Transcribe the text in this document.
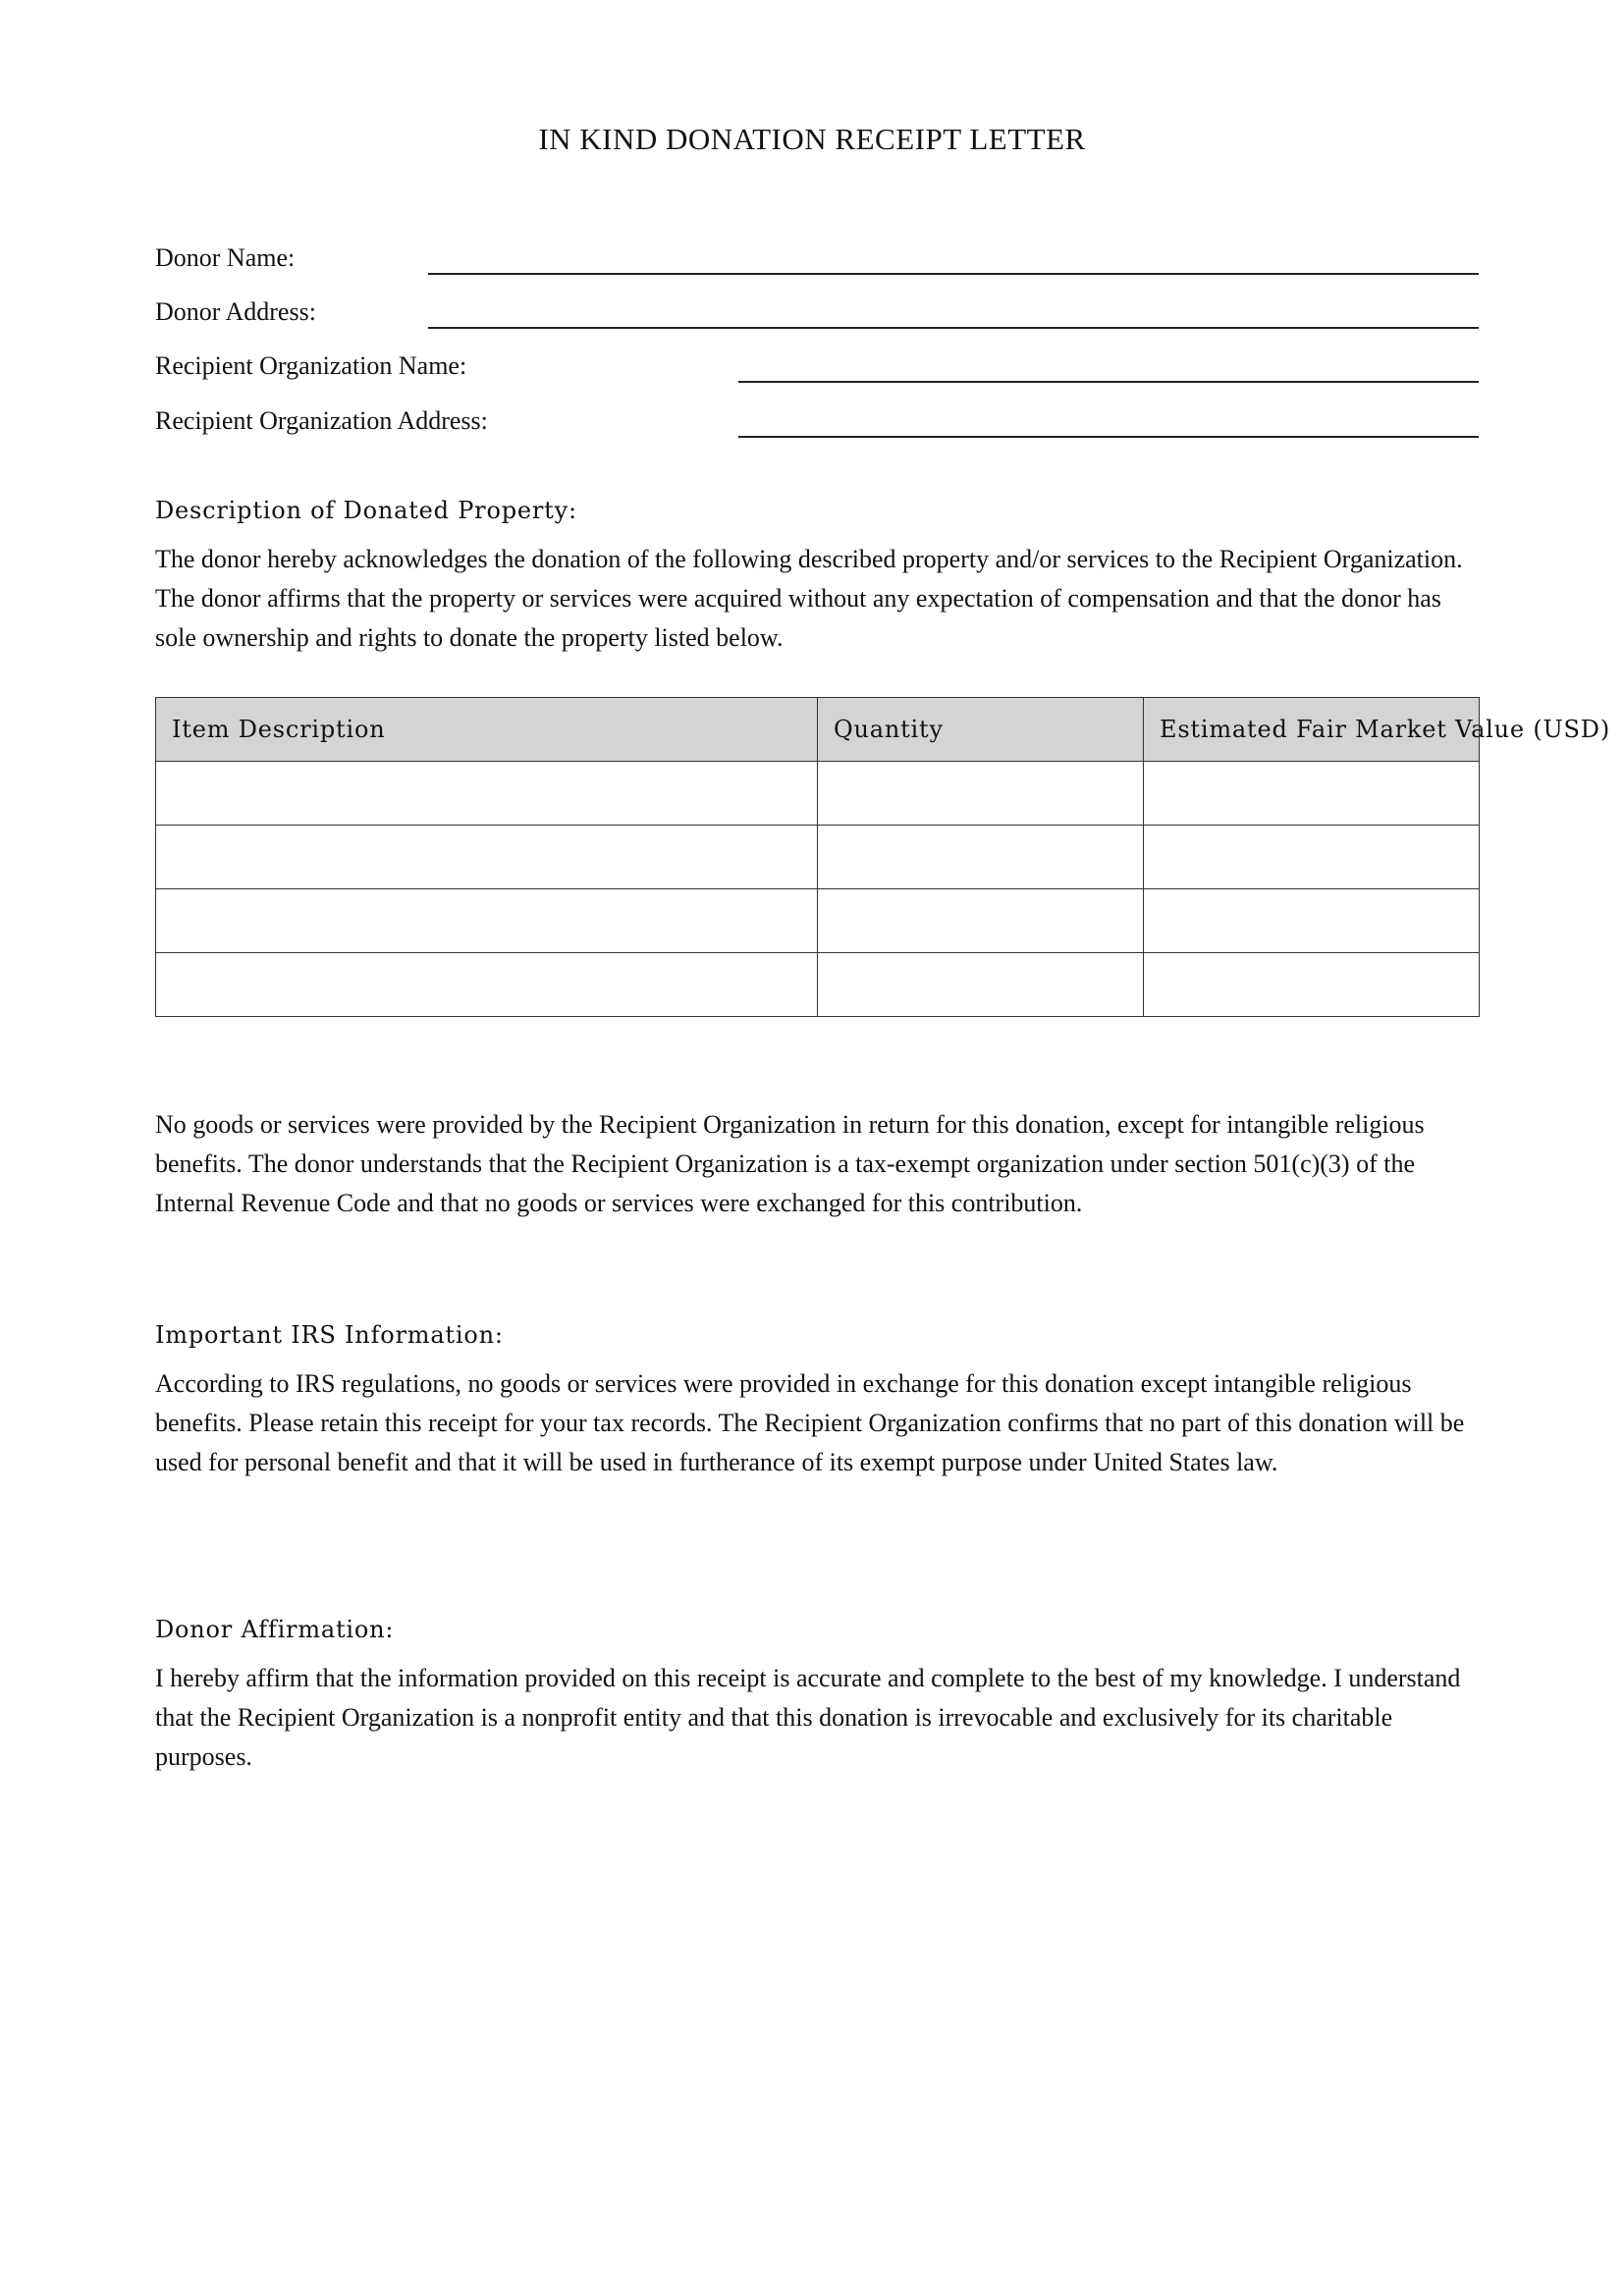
IN KIND DONATION RECEIPT LETTER
Donor Name:
Donor Address:
Recipient Organization Name:
Recipient Organization Address:
Description of Donated Property:

The donor hereby acknowledges the donation of the following described property and/or services to the Recipient Organization. The donor affirms that the property or services were acquired without any expectation of compensation and that the donor has sole ownership and rights to donate the property listed below.

Item Description	Quantity	Estimated Fair Market Value (USD)

No goods or services were provided by the Recipient Organization in return for this donation, except for intangible religious benefits. The donor understands that the Recipient Organization is a tax-exempt organization under section 501(c)(3) of the Internal Revenue Code and that no goods or services were exchanged for this contribution.

Important IRS Information:

According to IRS regulations, no goods or services were provided in exchange for this donation except intangible religious benefits. Please retain this receipt for your tax records. The Recipient Organization confirms that no part of this donation will be used for personal benefit and that it will be used in furtherance of its exempt purpose under United States law.

Donor Affirmation:

I hereby affirm that the information provided on this receipt is accurate and complete to the best of my knowledge. I understand that the Recipient Organization is a nonprofit entity and that this donation is irrevocable and exclusively for its charitable purposes.
